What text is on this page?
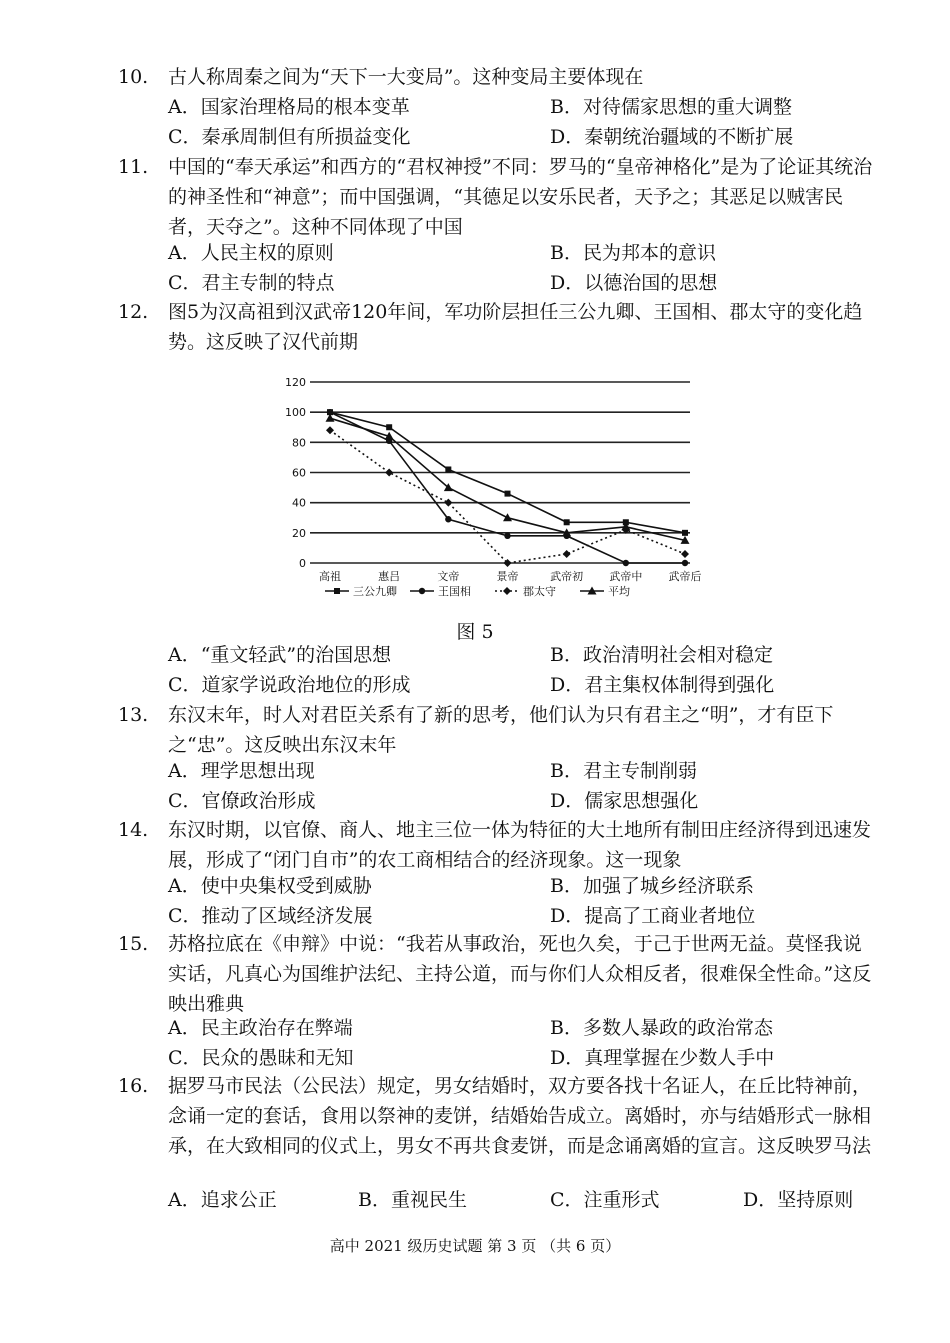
10. 古人称周秦之间为“天下一大变局”。这种变局主要体现在
A．国家治理格局的根本变革	B．对待儒家思想的重大调整
C．秦承周制但有所损益变化	D．秦朝统治疆域的不断扩展
11. 中国的“奉天承运”和西方的“君权神授”不同：罗马的“皇帝神格化”是为了论证其统治的神圣性和“神意”；而中国强调，“其德足以安乐民者，天予之；其恶足以贼害民者，天夺之”。这种不同体现了中国
A．人民主权的原则	B．民为邦本的意识
C．君主专制的特点	D．以德治国的思想
12. 图5为汉高祖到汉武帝120年间，军功阶层担任三公九卿、王国相、郡太守的变化趋势。这反映了汉代前期
0
20
40
60
80
100
120
高祖	惠吕	文帝	景帝	武帝初 武帝中 武帝后
三公九卿	王国相	郡太守	平均
图 5
A．“重文轻武”的治国思想	B．政治清明社会相对稳定
C．道家学说政治地位的形成	D．君主集权体制得到强化
13. 东汉末年，时人对君臣关系有了新的思考，他们认为只有君主之“明”，才有臣下之“忠”。这反映出东汉末年
A．理学思想出现	B．君主专制削弱
C．官僚政治形成	D．儒家思想强化
14. 东汉时期，以官僚、商人、地主三位一体为特征的大土地所有制田庄经济得到迅速发展，形成了“闭门自市”的农工商相结合的经济现象。这一现象
A．使中央集权受到威胁	B．加强了城乡经济联系
C．推动了区域经济发展	D．提高了工商业者地位
15. 苏格拉底在《申辩》中说：“我若从事政治，死也久矣，于己于世两无益。莫怪我说实话，凡真心为国维护法纪、主持公道，而与你们人众相反者，很难保全性命。”这反映出雅典
A．民主政治存在弊端	B．多数人暴政的政治常态
C．民众的愚昧和无知	D．真理掌握在少数人手中
16. 据罗马市民法（公民法）规定，男女结婚时，双方要各找十名证人，在丘比特神前，念诵一定的套话，食用以祭神的麦饼，结婚始告成立。离婚时，亦与结婚形式一脉相承，在大致相同的仪式上，男女不再共食麦饼，而是念诵离婚的宣言。这反映罗马法
A．追求公正	B．重视民生	C．注重形式	D．坚持原则
高中 2021 级历史试题 第 3 页 （共 6 页）
